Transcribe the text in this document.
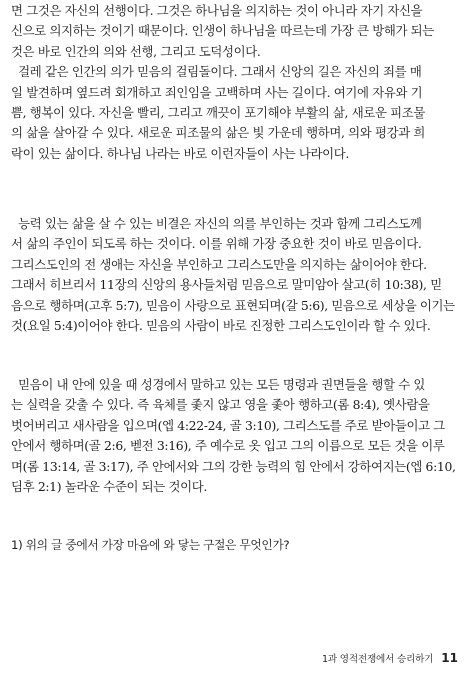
면 그것은 자신의 선행이다. 그것은 하나님을 의지하는 것이 아니라 자기 자신을
신으로 의지하는 것이기 때문이다. 인생이 하나님을 따르는데 가장 큰 방해가 되는
것은 바로 인간의 의와 선행, 그리고 도덕성이다.
걸레 같은 인간의 의가 믿음의 걸림돌이다. 그래서 신앙의 길은 자신의 죄를 매
일 발견하며 옆드려 회개하고 죄인임을 고백하며 사는 길이다. 여기에 자유와 기
쁨, 행복이 있다. 자신을 빨리, 그리고 깨끗이 포기해야 부활의 삶, 새로운 피조물
의 삶을 살아갈 수 있다. 새로운 피조물의 삶은 빛 가운데 행하며, 의와 평강과 희
락이 있는 삶이다. 하나님 나라는 바로 이런자들이 사는 나라이다.
능력 있는 삶을 살 수 있는 비결은 자신의 의를 부인하는 것과 함께 그리스도께
서 삶의 주인이 되도록 하는 것이다. 이를 위해 가장 중요한 것이 바로 믿음이다.
그리스도인의 전 생애는 자신을 부인하고 그리스도만을 의지하는 삶이어야 한다.
그래서 히브리서 11장의 신앙의 용사들처럼 믿음으로 말미암아 살고(히 10:38), 믿
음으로 행하며(고후 5:7), 믿음이 사랑으로 표현되며(갈 5:6), 믿음으로 세상을 이기는
것(요일 5:4)이어야 한다. 믿음의 사람이 바로 진정한 그리스도인이라 할 수 있다.
믿음이 내 안에 있을 때 성경에서 말하고 있는 모든 명령과 권면들을 행할 수 있
는 실력을 갖출 수 있다. 즉 육체를 좇지 않고 영을 좇아 행하고(롬 8:4), 옛사람을
벗어버리고 새사람을 입으며(엡 4:22-24, 골 3:10), 그리스도를 주로 받아들이고 그
안에서 행하며(골 2:6, 벧전 3:16), 주 예수로 옷 입고 그의 이름으로 모든 것을 이루
며(롬 13:14, 골 3:17), 주 안에서와 그의 강한 능력의 힘 안에서 강하여지는(엡 6:10,
딤후 2:1) 놀라운 수준이 되는 것이다.
1) 위의 글 중에서 가장 마음에 와 닿는 구절은 무엇인가?
1과 영적전쟁에서 승리하기 11
